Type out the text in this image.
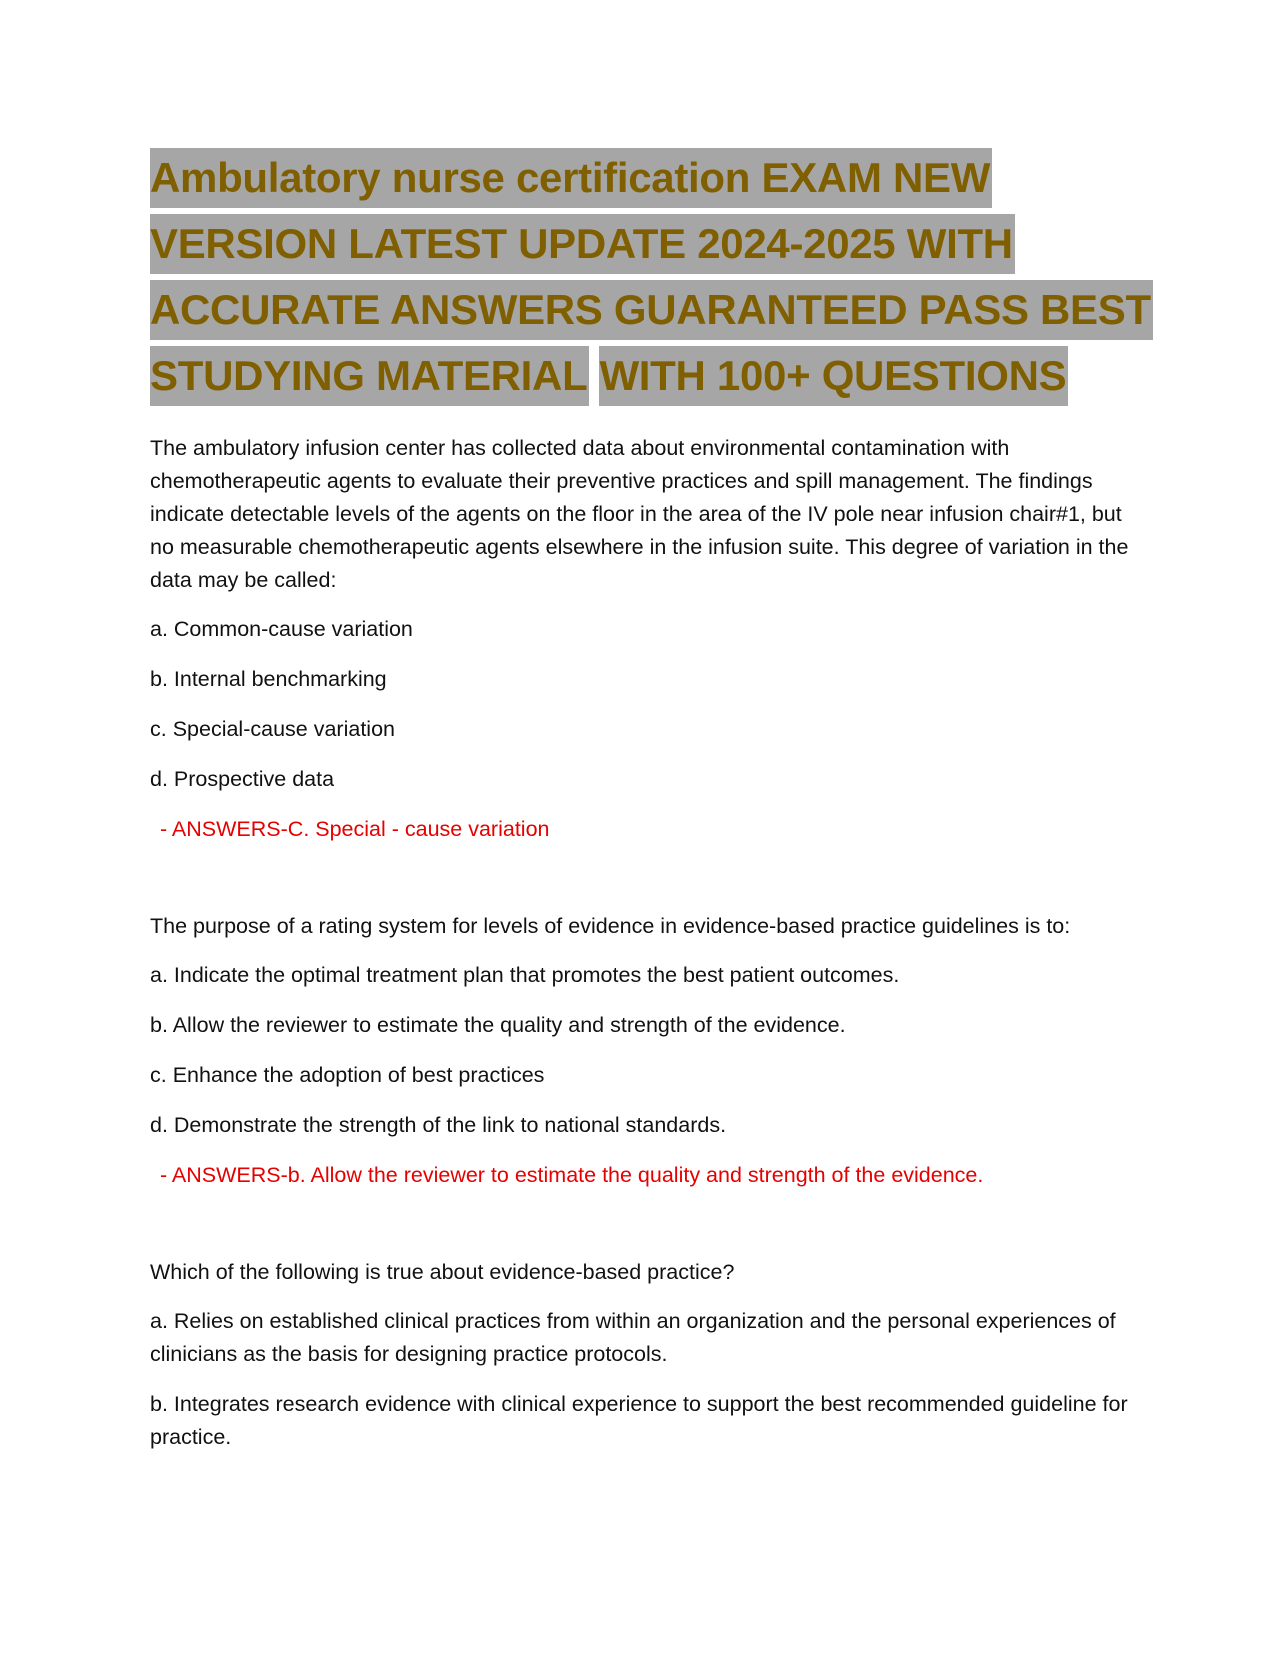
Ambulatory nurse certification EXAM NEW
VERSION LATEST UPDATE 2024-2025 WITH
ACCURATE ANSWERS GUARANTEED PASS BEST
STUDYING MATERIAL WITH 100+ QUESTIONS

The ambulatory infusion center has collected data about environmental contamination with chemotherapeutic agents to evaluate their preventive practices and spill management. The findings indicate detectable levels of the agents on the floor in the area of the IV pole near infusion chair#1, but no measurable chemotherapeutic agents elsewhere in the infusion suite. This degree of variation in the data may be called:

a. Common-cause variation

b. Internal benchmarking

c. Special-cause variation

d. Prospective data

- ANSWERS-C. Special - cause variation

The purpose of a rating system for levels of evidence in evidence-based practice guidelines is to:

a. Indicate the optimal treatment plan that promotes the best patient outcomes.

b. Allow the reviewer to estimate the quality and strength of the evidence.

c. Enhance the adoption of best practices

d. Demonstrate the strength of the link to national standards.

- ANSWERS-b. Allow the reviewer to estimate the quality and strength of the evidence.

Which of the following is true about evidence-based practice?

a. Relies on established clinical practices from within an organization and the personal experiences of clinicians as the basis for designing practice protocols.

b. Integrates research evidence with clinical experience to support the best recommended guideline for practice.
